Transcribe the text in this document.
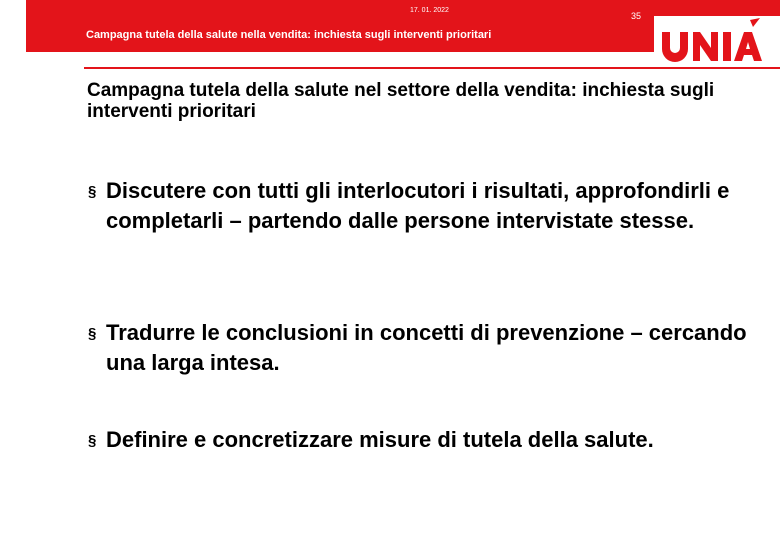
17. 01. 2022
35
Campagna tutela della salute nella vendita: inchiesta sugli interventi prioritari
Campagna tutela della salute nel settore della vendita: inchiesta sugli interventi prioritari
§ Discutere con tutti gli interlocutori i risultati, approfondirli e completarli – partendo dalle persone intervistate stesse.
§ Tradurre le conclusioni in concetti di prevenzione – cercando una larga intesa.
§ Definire e concretizzare misure di tutela della salute.
